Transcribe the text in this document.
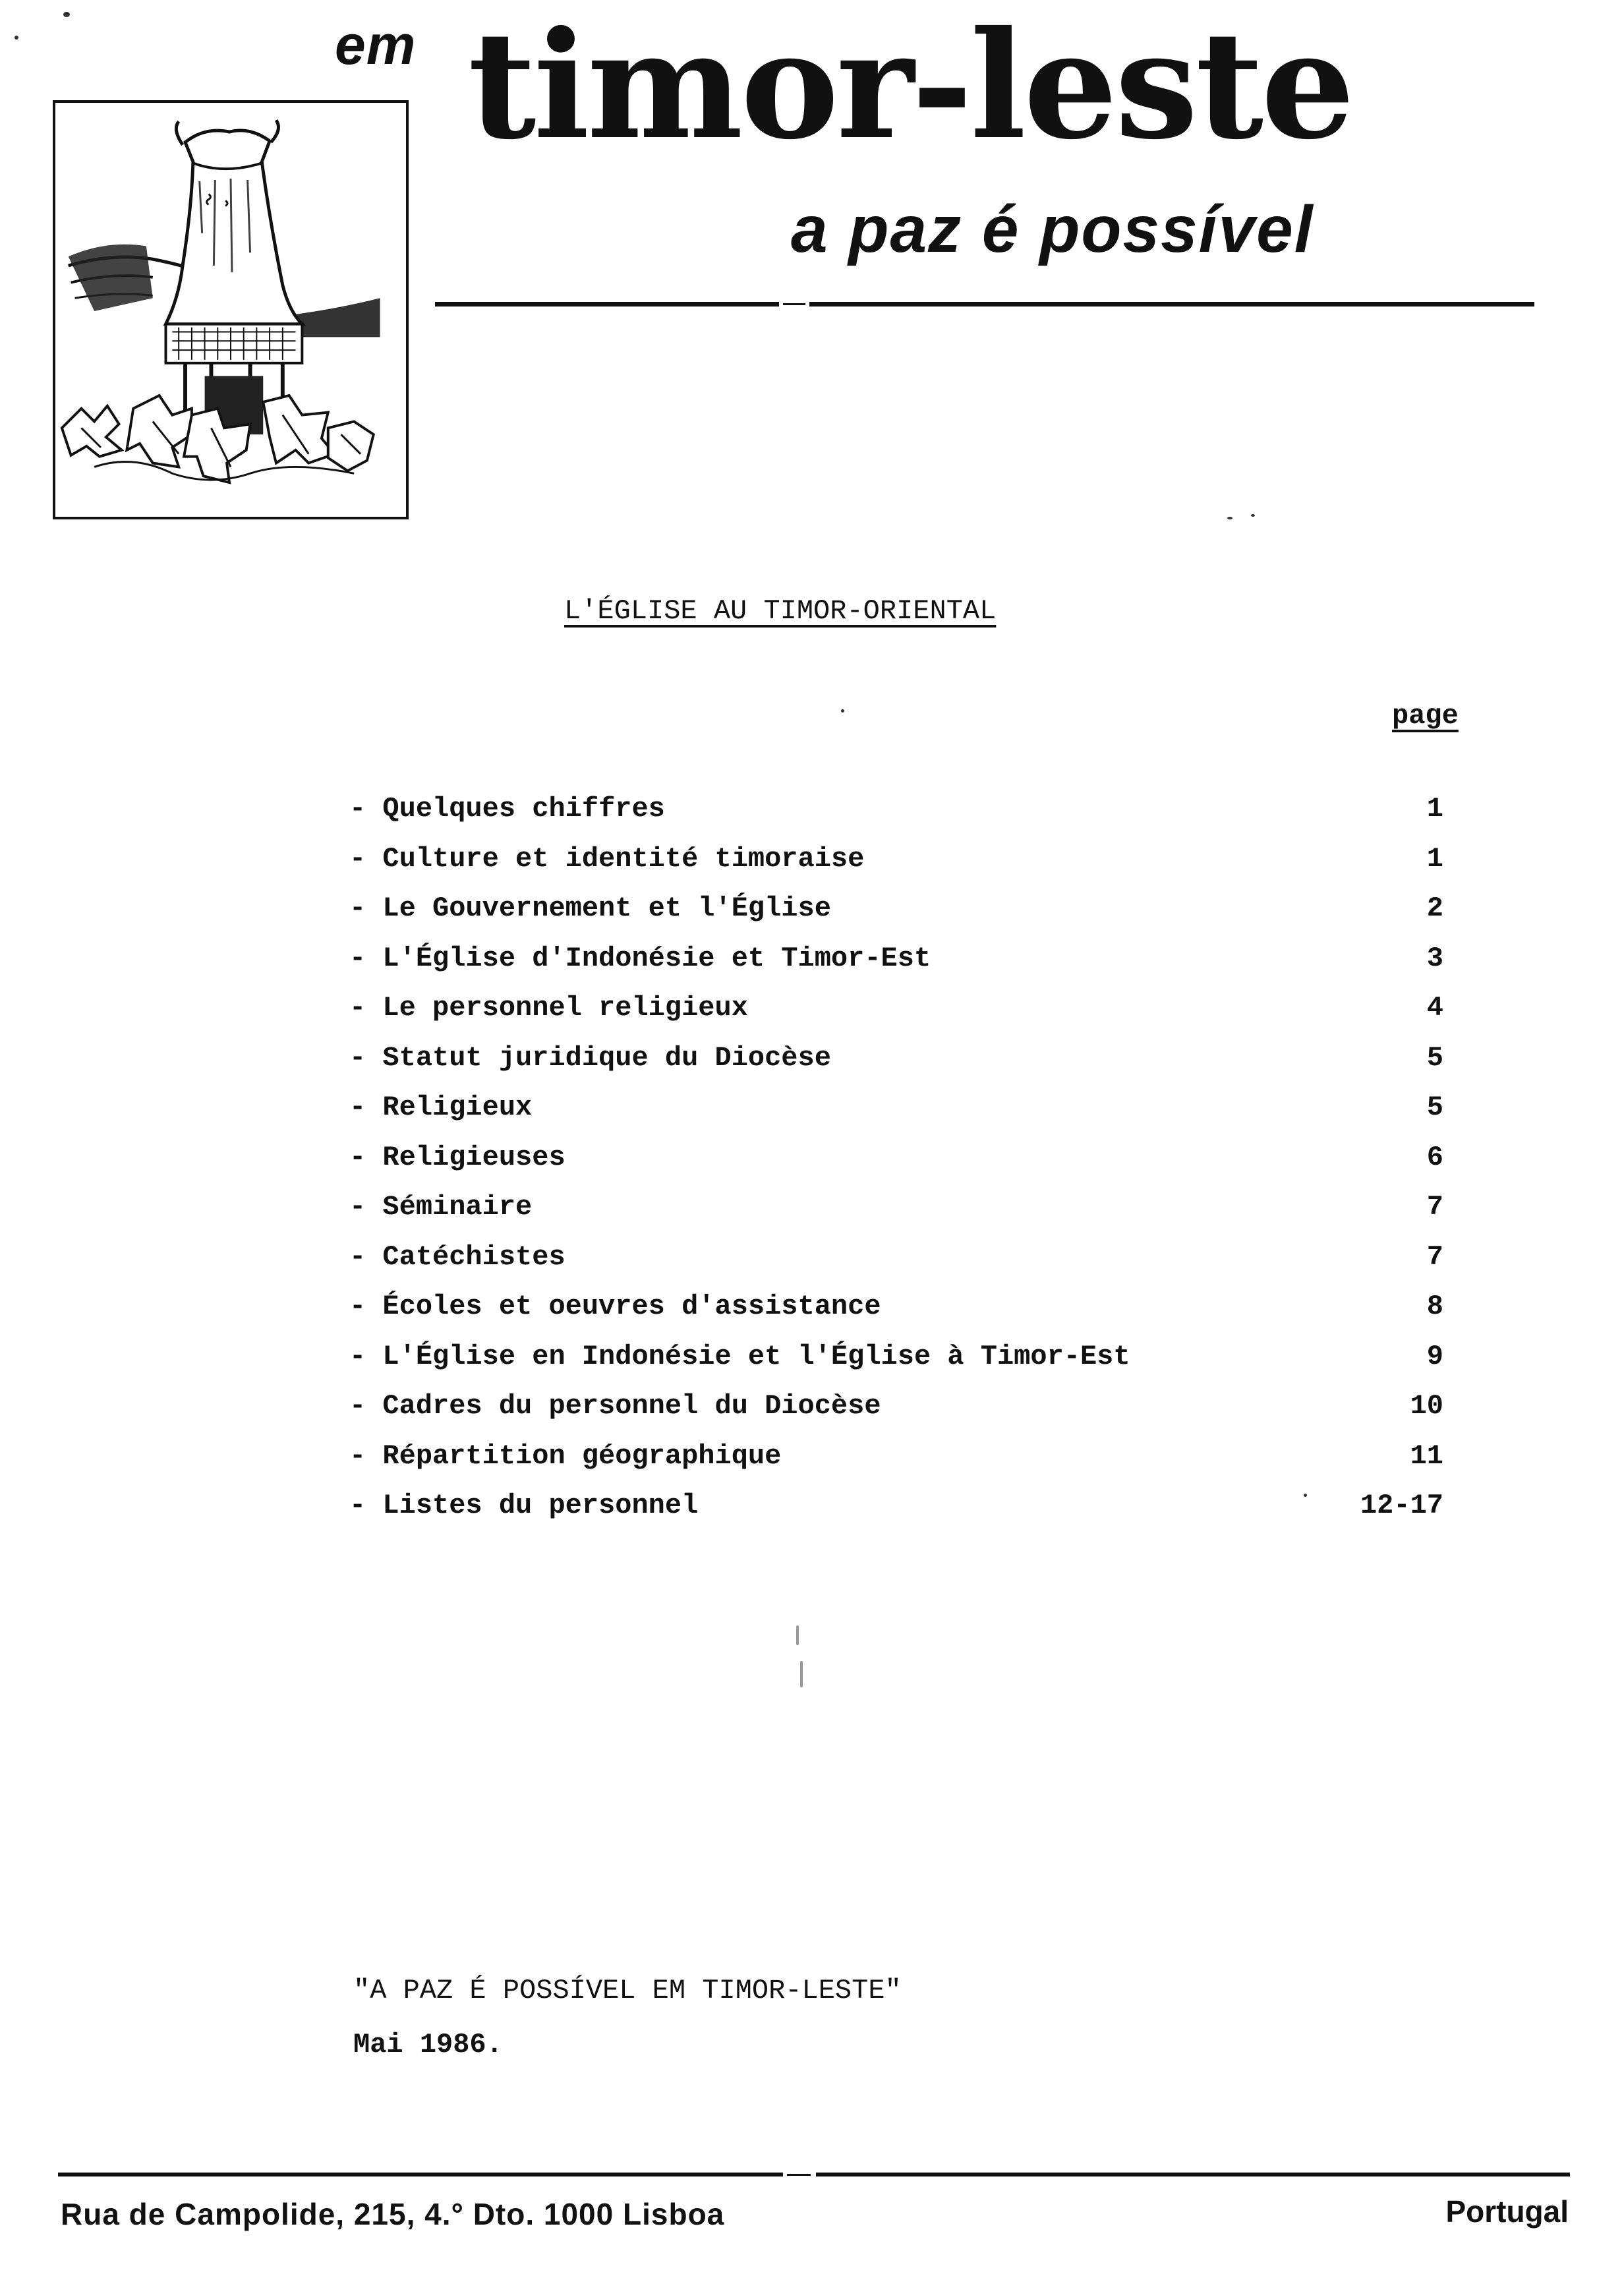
em timor-leste
a paz é possível
L'ÉGLISE AU TIMOR-ORIENTAL
page
- Quelques chiffres	1
- Culture et identité timoraise	1
- Le Gouvernement et l'Église	2
- L'Église d'Indonésie et Timor-Est	3
- Le personnel religieux	4
- Statut juridique du Diocèse	5
- Religieux	5
- Religieuses	6
- Séminaire	7
- Catéchistes	7
- Écoles et oeuvres d'assistance	8
- L'Église en Indonésie et l'Église à Timor-Est	9
- Cadres du personnel du Diocèse	10
- Répartition géographique	11
- Listes du personnel	12-17
"A PAZ É POSSÍVEL EM TIMOR-LESTE"
Mai 1986.
Rua de Campolide, 215, 4.° Dto. 1000 Lisboa	Portugal
